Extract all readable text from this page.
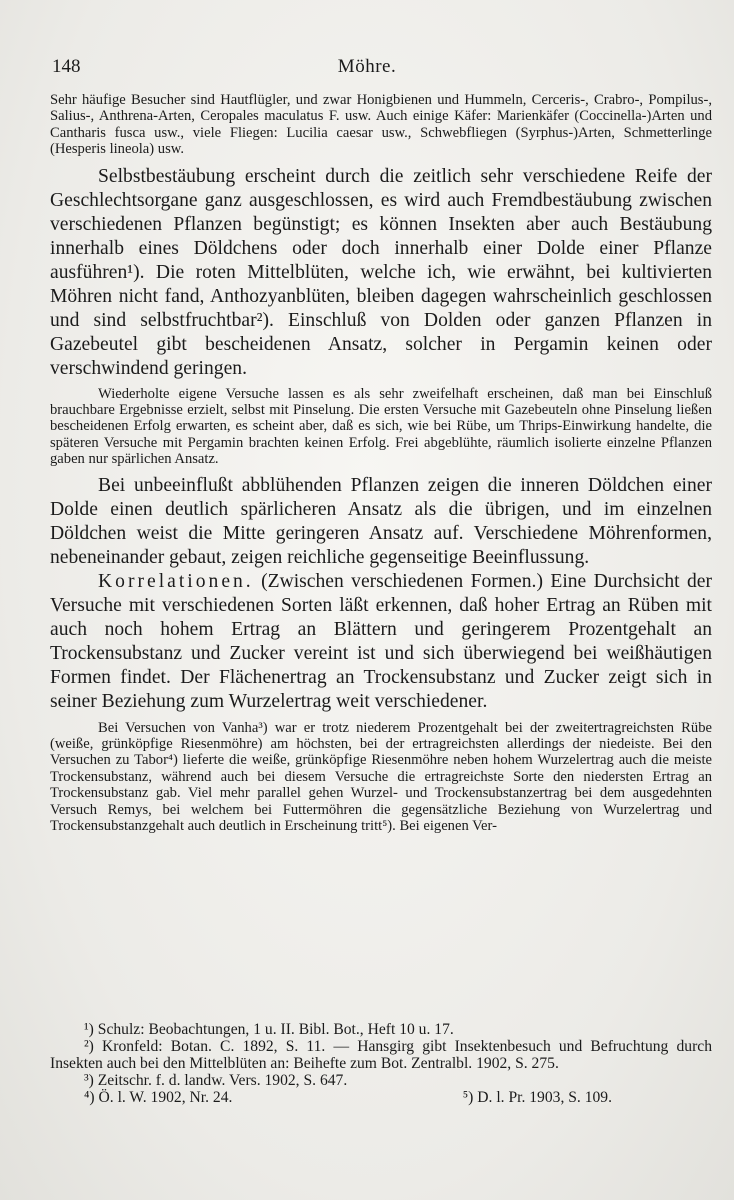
148	Möhre.

Sehr häufige Besucher sind Hautflügler, und zwar Honigbienen und Hummeln, Cerceris-, Crabro-, Pompilus-, Salius-, Anthrena-Arten, Ceropales maculatus F. usw. Auch einige Käfer: Marienkäfer (Coccinella-)Arten und Cantharis fusca usw., viele Fliegen: Lucilia caesar usw., Schwebfliegen (Syrphus-)Arten, Schmetterlinge (Hesperis lineola) usw.

Selbstbestäubung erscheint durch die zeitlich sehr verschiedene Reife der Geschlechtsorgane ganz ausgeschlossen, es wird auch Fremdbestäubung zwischen verschiedenen Pflanzen begünstigt; es können Insekten aber auch Bestäubung innerhalb eines Döldchens oder doch innerhalb einer Dolde einer Pflanze ausführen¹). Die roten Mittelblüten, welche ich, wie erwähnt, bei kultivierten Möhren nicht fand, Anthozyanblüten, bleiben dagegen wahrscheinlich geschlossen und sind selbstfruchtbar²). Einschluß von Dolden oder ganzen Pflanzen in Gazebeutel gibt bescheidenen Ansatz, solcher in Pergamin keinen oder verschwindend geringen.

Wiederholte eigene Versuche lassen es als sehr zweifelhaft erscheinen, daß man bei Einschluß brauchbare Ergebnisse erzielt, selbst mit Pinselung. Die ersten Versuche mit Gazebeuteln ohne Pinselung ließen bescheidenen Erfolg erwarten, es scheint aber, daß es sich, wie bei Rübe, um Thrips-Einwirkung handelte, die späteren Versuche mit Pergamin brachten keinen Erfolg. Frei abgeblühte, räumlich isolierte einzelne Pflanzen gaben nur spärlichen Ansatz.

Bei unbeeinflußt abblühenden Pflanzen zeigen die inneren Döldchen einer Dolde einen deutlich spärlicheren Ansatz als die übrigen, und im einzelnen Döldchen weist die Mitte geringeren Ansatz auf. Verschiedene Möhrenformen, nebeneinander gebaut, zeigen reichliche gegenseitige Beeinflussung.

Korrelationen. (Zwischen verschiedenen Formen.) Eine Durchsicht der Versuche mit verschiedenen Sorten läßt erkennen, daß hoher Ertrag an Rüben mit auch noch hohem Ertrag an Blättern und geringerem Prozentgehalt an Trockensubstanz und Zucker vereint ist und sich überwiegend bei weißhäutigen Formen findet. Der Flächenertrag an Trockensubstanz und Zucker zeigt sich in seiner Beziehung zum Wurzelertrag weit verschiedener.

Bei Versuchen von Vanha³) war er trotz niederem Prozentgehalt bei der zweitertragreichsten Rübe (weiße, grünköpfige Riesenmöhre) am höchsten, bei der ertragreichsten allerdings der niedeiste. Bei den Versuchen zu Tabor⁴) lieferte die weiße, grünköpfige Riesenmöhre neben hohem Wurzelertrag auch die meiste Trockensubstanz, während auch bei diesem Versuche die ertragreichste Sorte den niedersten Ertrag an Trockensubstanz gab. Viel mehr parallel gehen Wurzel- und Trockensubstanzertrag bei dem ausgedehnten Versuch Remys, bei welchem bei Futtermöhren die gegensätzliche Beziehung von Wurzelertrag und Trockensubstanzgehalt auch deutlich in Erscheinung tritt⁵). Bei eigenen Ver-

¹) Schulz: Beobachtungen, 1 u. II. Bibl. Bot., Heft 10 u. 17.

²) Kronfeld: Botan. C. 1892, S. 11. — Hansgirg gibt Insektenbesuch und Befruchtung durch Insekten auch bei den Mittelblüten an: Beihefte zum Bot. Zentralbl. 1902, S. 275.

³) Zeitschr. f. d. landw. Vers. 1902, S. 647.

⁴) Ö. l. W. 1902, Nr. 24.	⁵) D. l. Pr. 1903, S. 109.
